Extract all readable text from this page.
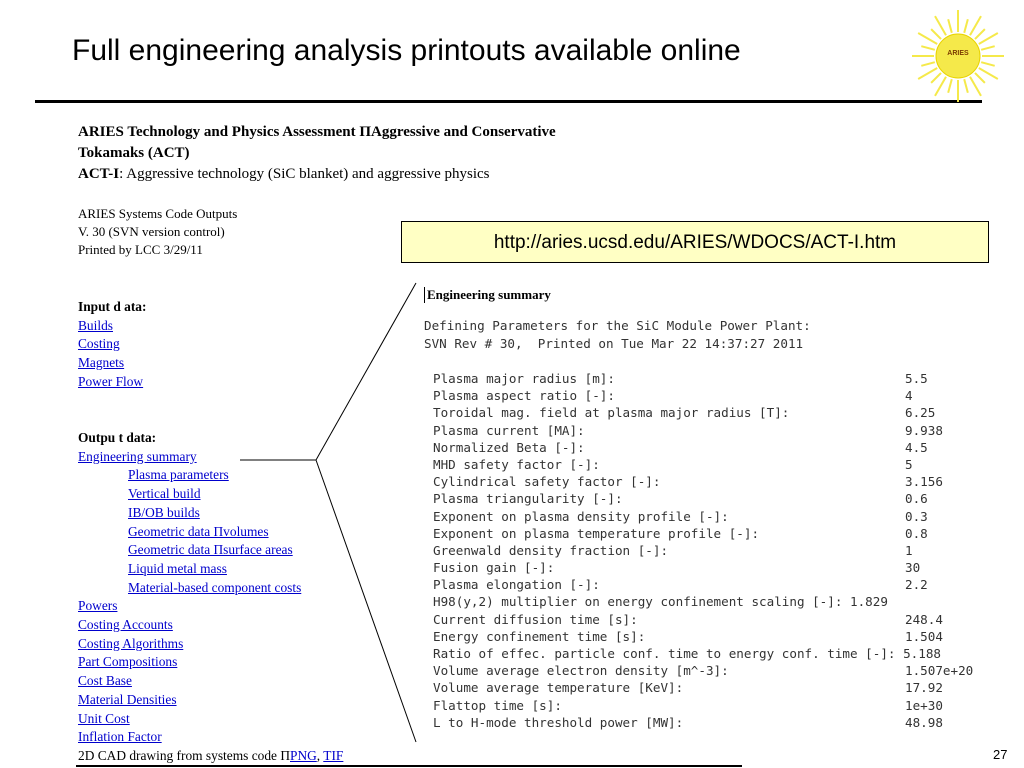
Full engineering analysis printouts available online	ARIES
ARIES Technology and Physics Assessment ΠAggressive and Conservative
Tokamaks (ACT)
ACT-I: Aggressive technology (SiC blanket) and aggressive physics
ARIES Systems Code Outputs
V. 30 (SVN version control)
Printed by LCC 3/29/11
Input d ata:
Builds
Costing
Magnets
Power Flow
Outpu t data:
Engineering summary
Plasma parameters
Vertical build
IB/OB builds
Geometric data Πvolumes
Geometric data Πsurface areas
Liquid metal mass
Material-based component costs
Powers
Costing Accounts
Costing Algorithms
Part Compositions
Cost Base
Material Densities
Unit Cost
Inflation Factor
2D CAD drawing from systems code ΠPNG, TIF
http://aries.ucsd.edu/ARIES/WDOCS/ACT-I.htm
Engineering summary
Defining Parameters for the SiC Module Power Plant:
SVN Rev # 30,  Printed on Tue Mar 22 14:37:27 2011
Plasma major radius [m]:	5.5
Plasma aspect ratio [-]:	4
Toroidal mag. field at plasma major radius [T]:	6.25
Plasma current [MA]:	9.938
Normalized Beta [-]:	4.5
MHD safety factor [-]:	5
Cylindrical safety factor [-]:	3.156
Plasma triangularity [-]:	0.6
Exponent on plasma density profile [-]:	0.3
Exponent on plasma temperature profile [-]:	0.8
Greenwald density fraction [-]:	1
Fusion gain [-]:	30
Plasma elongation [-]:	2.2
H98(y,2) multiplier on energy confinement scaling [-]: 1.829
Current diffusion time [s]:	248.4
Energy confinement time [s]:	1.504
Ratio of effec. particle conf. time to energy conf. time [-]: 5.188
Volume average electron density [m^-3]:	1.507e+20
Volume average temperature [KeV]:	17.92
Flattop time [s]:	1e+30
L to H-mode threshold power [MW]:	48.98
27
